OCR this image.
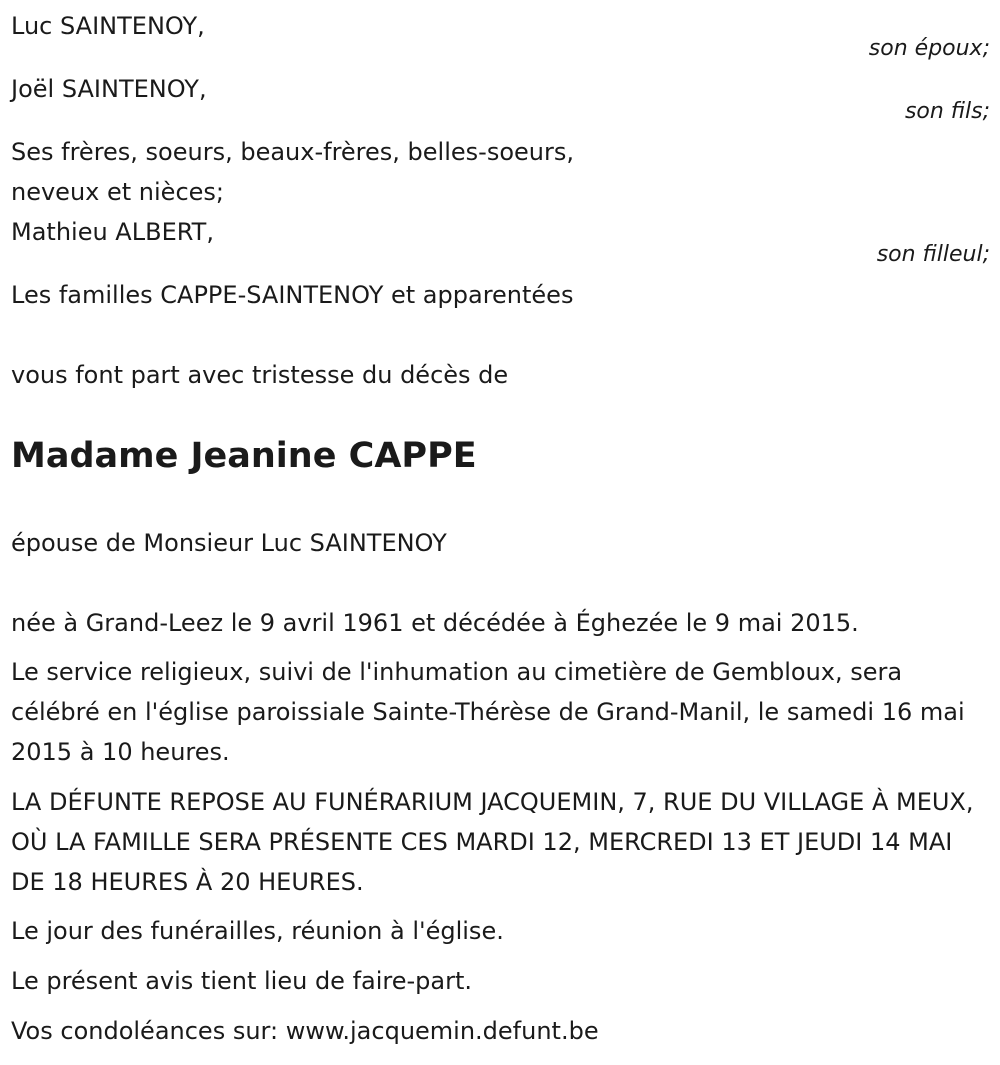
Luc SAINTENOY,
son époux;
Joël SAINTENOY,
son fils;
Ses frères, soeurs, beaux-frères, belles-soeurs,
neveux et nièces;
Mathieu ALBERT,
son filleul;
Les familles CAPPE-SAINTENOY et apparentées
vous font part avec tristesse du décès de
Madame Jeanine CAPPE
épouse de Monsieur Luc SAINTENOY
née à Grand-Leez le 9 avril 1961 et décédée à Éghezée le 9 mai 2015.
Le service religieux, suivi de l'inhumation au cimetière de Gembloux, sera célébré en l'église paroissiale Sainte-Thérèse de Grand-Manil, le samedi 16 mai 2015 à 10 heures.
LA DÉFUNTE REPOSE AU FUNÉRARIUM JACQUEMIN, 7, RUE DU VILLAGE À MEUX, OÙ LA FAMILLE SERA PRÉSENTE CES MARDI 12, MERCREDI 13 ET JEUDI 14 MAI DE 18 HEURES À 20 HEURES.
Le jour des funérailles, réunion à l'église.
Le présent avis tient lieu de faire-part.
Vos condoléances sur: www.jacquemin.defunt.be
